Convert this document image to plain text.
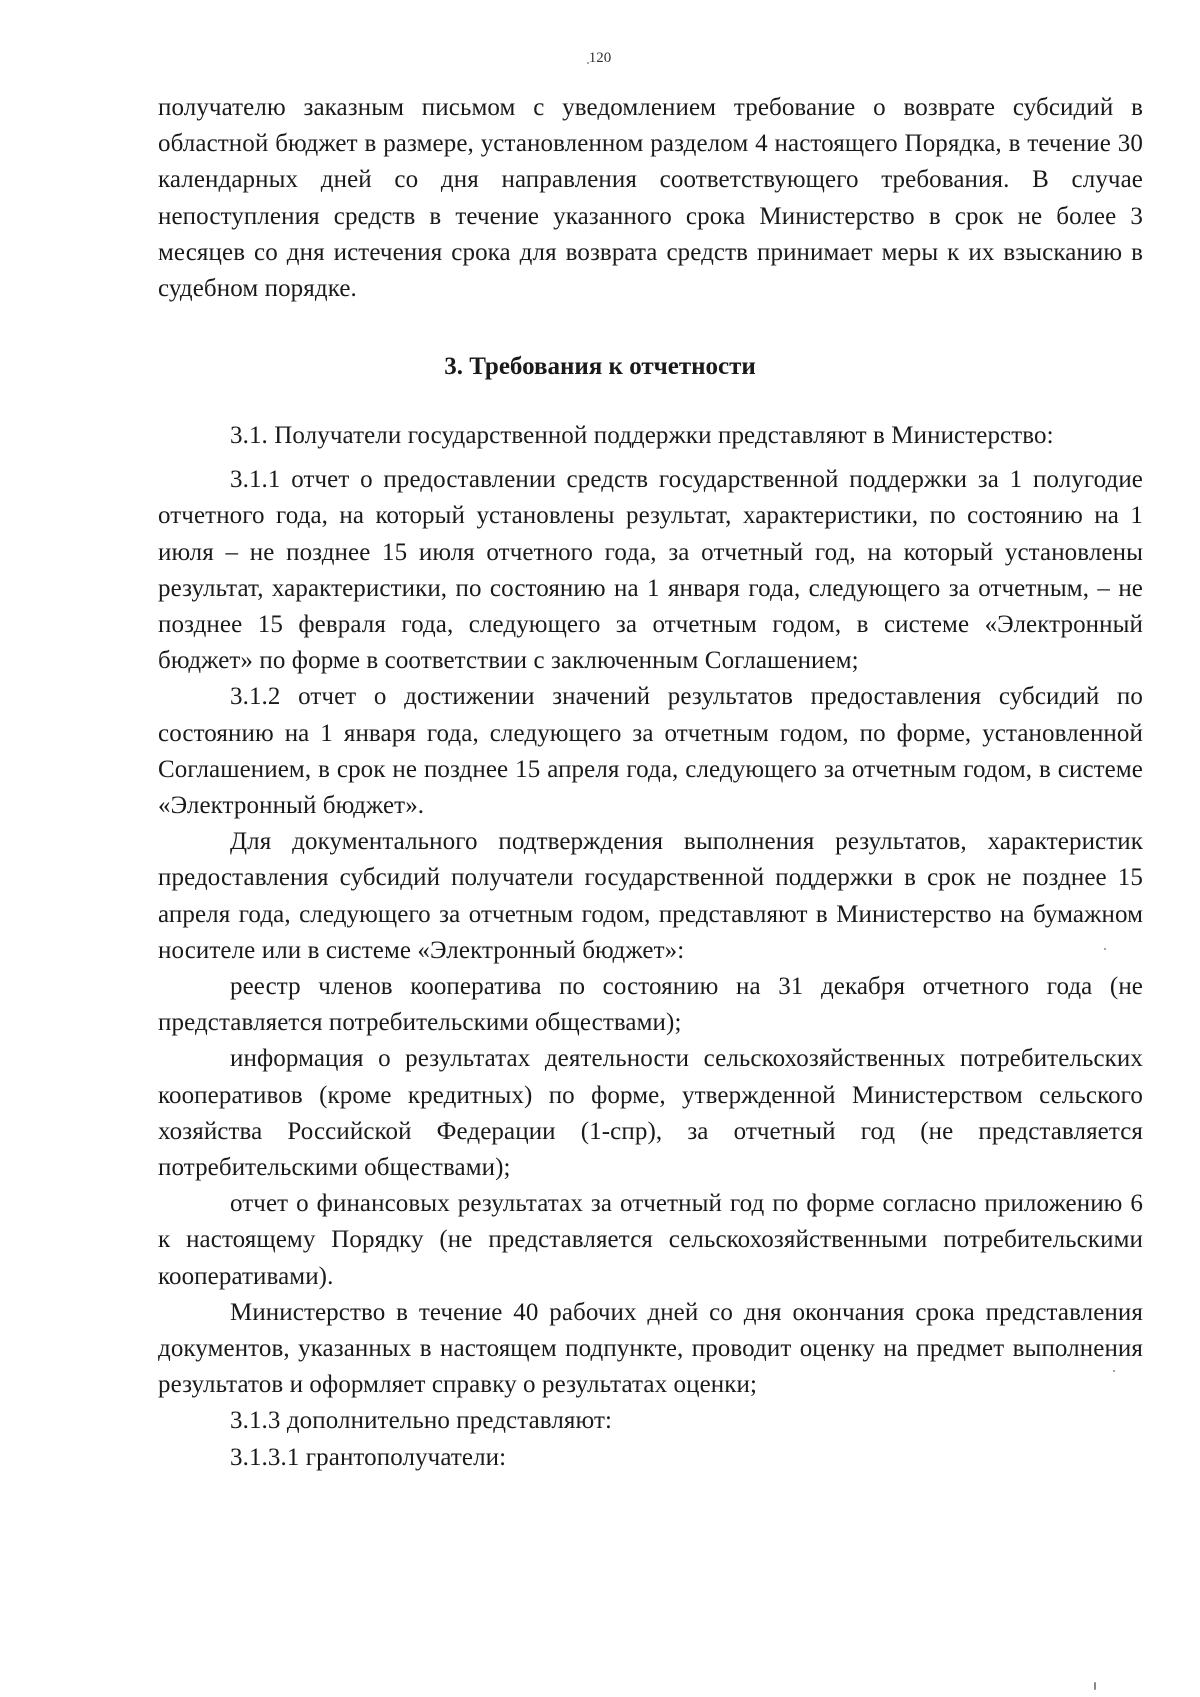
120

получателю заказным письмом с уведомлением требование о возврате субсидий в областной бюджет в размере, установленном разделом 4 настоящего Порядка, в течение 30 календарных дней со дня направления соответствующего требования. В случае непоступления средств в течение указанного срока Министерство в срок не более 3 месяцев со дня истечения срока для возврата средств принимает меры к их взысканию в судебном порядке.

3. Требования к отчетности

3.1. Получатели государственной поддержки представляют в Министерство:

3.1.1 отчет о предоставлении средств государственной поддержки за 1 полугодие отчетного года, на который установлены результат, характеристики, по состоянию на 1 июля – не позднее 15 июля отчетного года, за отчетный год, на который установлены результат, характеристики, по состоянию на 1 января года, следующего за отчетным, – не позднее 15 февраля года, следующего за отчетным годом, в системе «Электронный бюджет» по форме в соответствии с заключенным Соглашением;

3.1.2 отчет о достижении значений результатов предоставления субсидий по состоянию на 1 января года, следующего за отчетным годом, по форме, установленной Соглашением, в срок не позднее 15 апреля года, следующего за отчетным годом, в системе «Электронный бюджет».

Для документального подтверждения выполнения результатов, характеристик предоставления субсидий получатели государственной поддержки в срок не позднее 15 апреля года, следующего за отчетным годом, представляют в Министерство на бумажном носителе или в системе «Электронный бюджет»:

реестр членов кооператива по состоянию на 31 декабря отчетного года (не представляется потребительскими обществами);

информация о результатах деятельности сельскохозяйственных потребительских кооперативов (кроме кредитных) по форме, утвержденной Министерством сельского хозяйства Российской Федерации (1-спр), за отчетный год (не представляется потребительскими обществами);

отчет о финансовых результатах за отчетный год по форме согласно приложению 6 к настоящему Порядку (не представляется сельскохозяйственными потребительскими кооперативами).

Министерство в течение 40 рабочих дней со дня окончания срока представления документов, указанных в настоящем подпункте, проводит оценку на предмет выполнения результатов и оформляет справку о результатах оценки;

3.1.3 дополнительно представляют:

3.1.3.1 грантополучатели:
